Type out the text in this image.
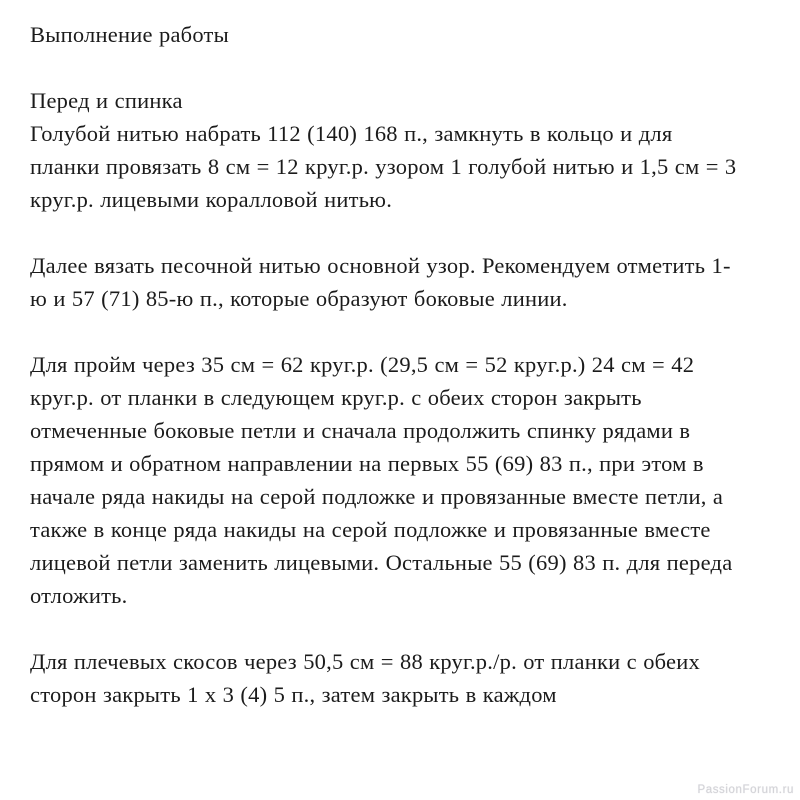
Выполнение работы
Перед и спинка

Голубой нитью набрать 112 (140) 168 п., замкнуть в кольцо и для планки провязать 8 см = 12 круг.р. узором 1 голубой нитью и 1,5 см = 3 круг.р. лицевыми коралловой нитью.

Далее вязать песочной нитью основной узор. Рекомендуем отметить 1-ю и 57 (71) 85-ю п., которые образуют боковые линии.

Для пройм через 35 см = 62 круг.р. (29,5 см = 52 круг.р.) 24 см = 42 круг.р. от планки в следующем круг.р. с обеих сторон закрыть отмеченные боковые петли и сначала продолжить спинку рядами в прямом и обратном направлении на первых 55 (69) 83 п., при этом в начале ряда накиды на серой подложке и провязанные вместе петли, а также в конце ряда накиды на серой подложке и провязанные вместе лицевой петли заменить лицевыми. Остальные 55 (69) 83 п. для переда отложить.

Для плечевых скосов через 50,5 см = 88 круг.р./р. от планки с обеих сторон закрыть 1 х 3 (4) 5 п., затем закрыть в каждом

PassionForum.ru
